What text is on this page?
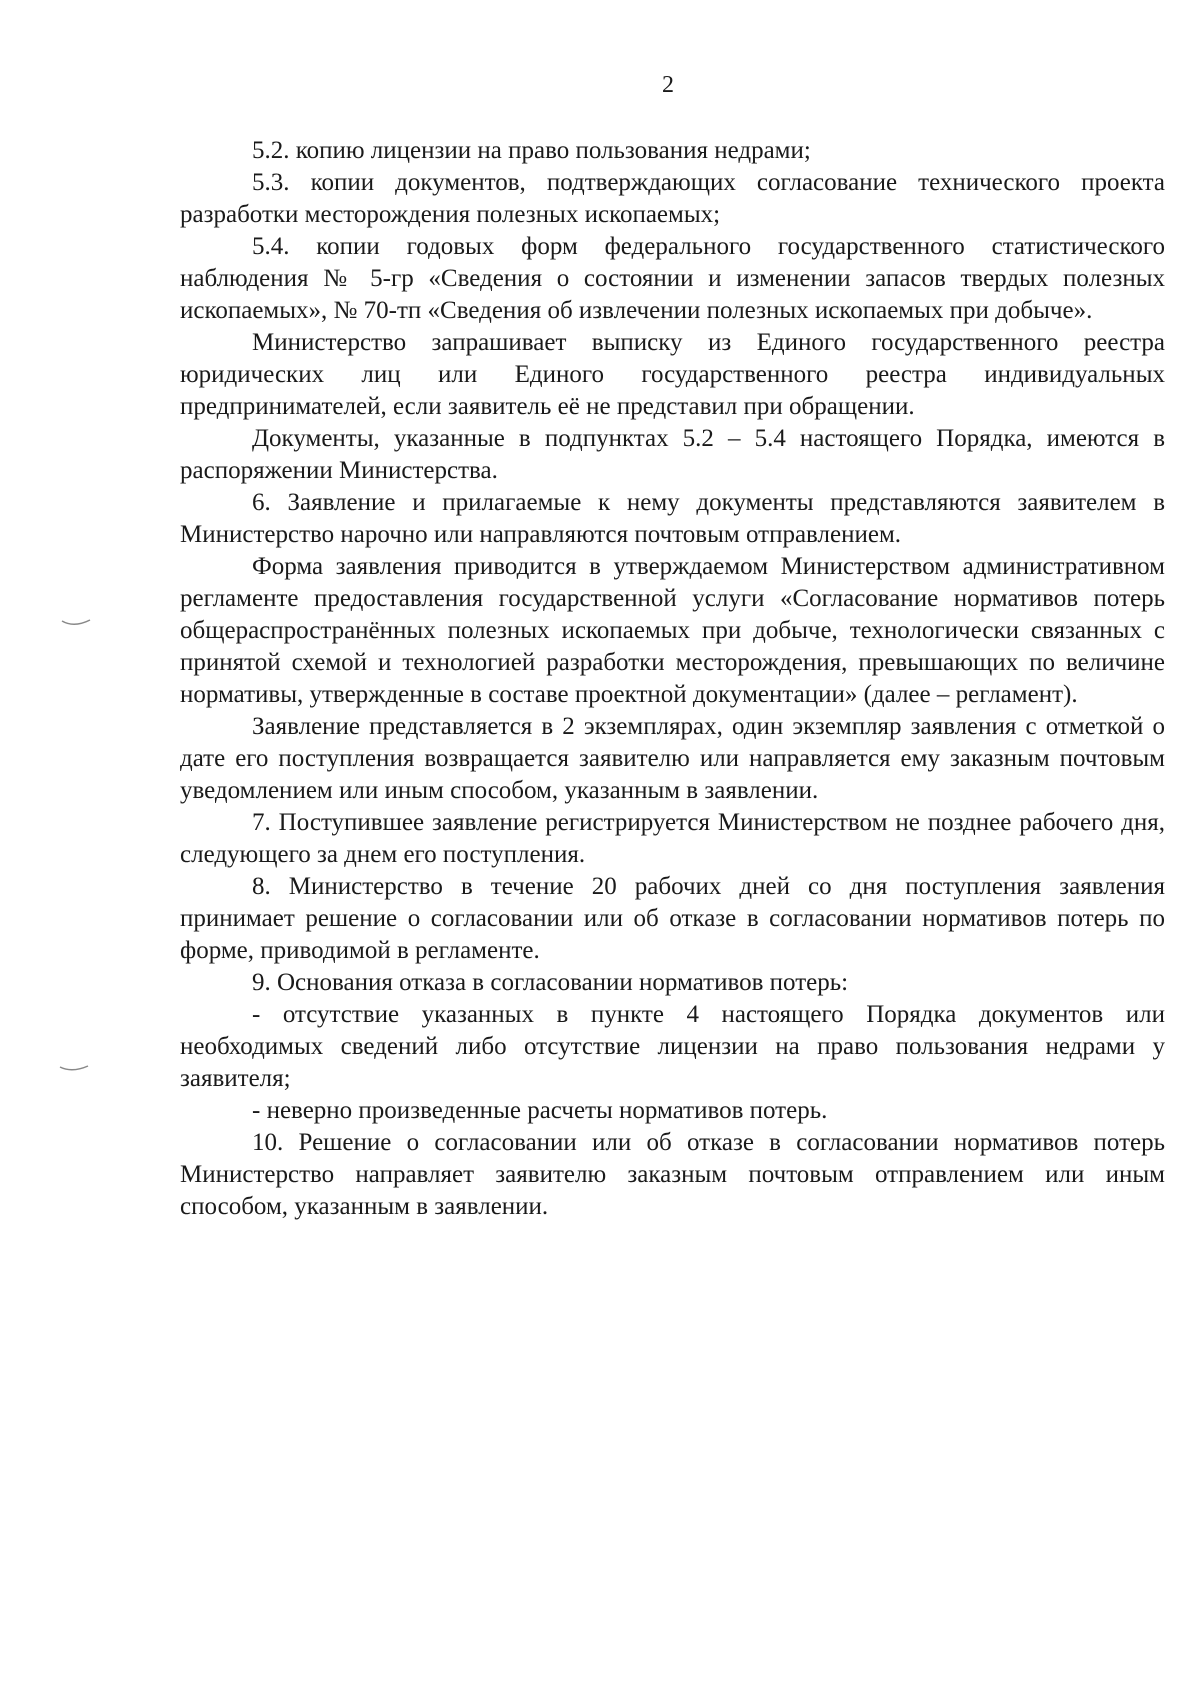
2

5.2. копию лицензии на право пользования недрами;

5.3. копии документов, подтверждающих согласование технического проекта разработки месторождения полезных ископаемых;

5.4. копии годовых форм федерального государственного статистического наблюдения № 5-гр «Сведения о состоянии и изменении запасов твердых полезных ископаемых», № 70-тп «Сведения об извлечении полезных ископаемых при добыче».

Министерство запрашивает выписку из Единого государственного реестра юридических лиц или Единого государственного реестра индивидуальных предпринимателей, если заявитель её не представил при обращении.

Документы, указанные в подпунктах 5.2 – 5.4 настоящего Порядка, имеются в распоряжении Министерства.

6. Заявление и прилагаемые к нему документы представляются заявителем в Министерство нарочно или направляются почтовым отправлением.

Форма заявления приводится в утверждаемом Министерством административном регламенте предоставления государственной услуги «Согласование нормативов потерь общераспространённых полезных ископаемых при добыче, технологически связанных с принятой схемой и технологией разработки месторождения, превышающих по величине нормативы, утвержденные в составе проектной документации» (далее – регламент).

Заявление представляется в 2 экземплярах, один экземпляр заявления с отметкой о дате его поступления возвращается заявителю или направляется ему заказным почтовым уведомлением или иным способом, указанным в заявлении.

7. Поступившее заявление регистрируется Министерством не позднее рабочего дня, следующего за днем его поступления.

8. Министерство в течение 20 рабочих дней со дня поступления заявления принимает решение о согласовании или об отказе в согласовании нормативов потерь по форме, приводимой в регламенте.

9. Основания отказа в согласовании нормативов потерь:

- отсутствие указанных в пункте 4 настоящего Порядка документов или необходимых сведений либо отсутствие лицензии на право пользования недрами у заявителя;

- неверно произведенные расчеты нормативов потерь.

10. Решение о согласовании или об отказе в согласовании нормативов потерь Министерство направляет заявителю заказным почтовым отправлением или иным способом, указанным в заявлении.
